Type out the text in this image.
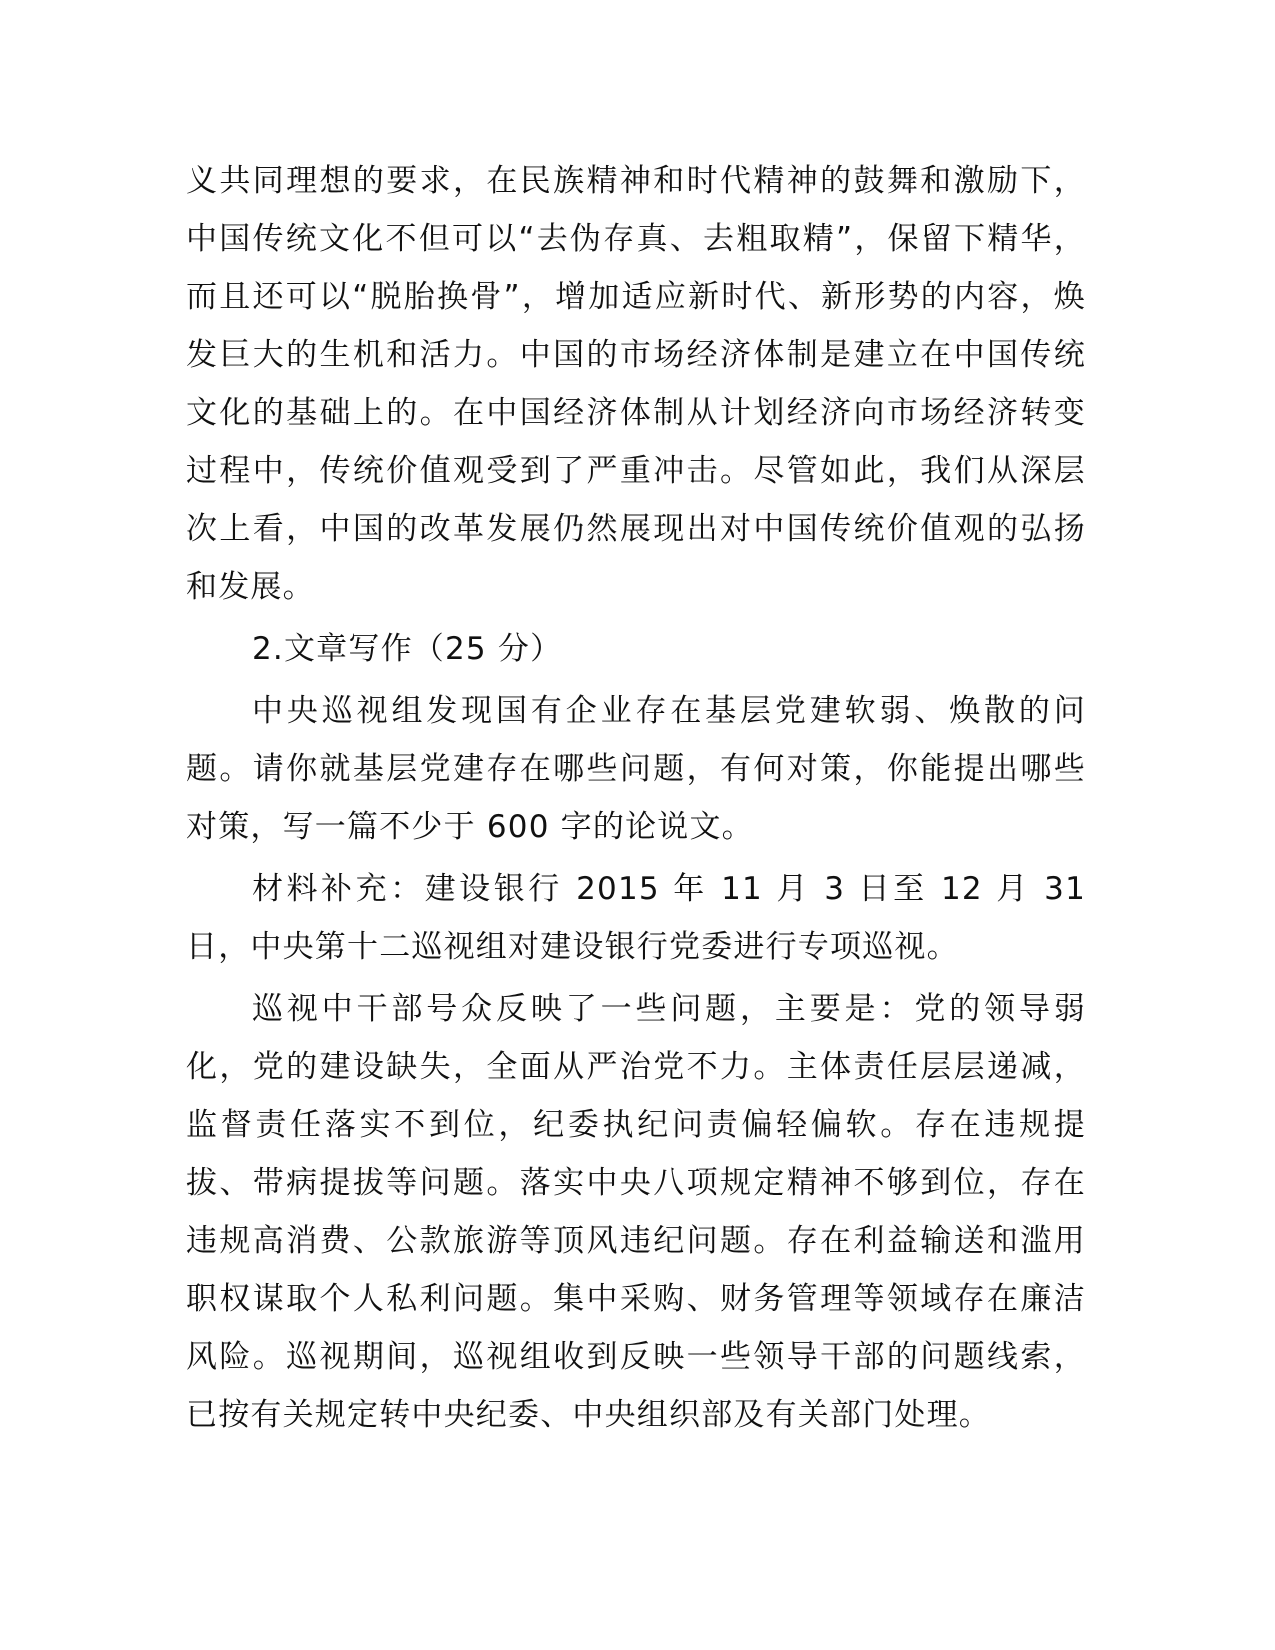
义共同理想的要求，在民族精神和时代精神的鼓舞和激励下，中国传统文化不但可以“去伪存真、去粗取精”，保留下精华，而且还可以“脱胎换骨”，增加适应新时代、新形势的内容，焕发巨大的生机和活力。中国的市场经济体制是建立在中国传统文化的基础上的。在中国经济体制从计划经济向市场经济转变过程中，传统价值观受到了严重冲击。尽管如此，我们从深层次上看，中国的改革发展仍然展现出对中国传统价值观的弘扬和发展。

2.文章写作（25 分）

中央巡视组发现国有企业存在基层党建软弱、焕散的问题。请你就基层党建存在哪些问题，有何对策，你能提出哪些对策，写一篇不少于 600 字的论说文。

材料补充：建设银行 2015 年 11 月 3 日至 12 月 31 日，中央第十二巡视组对建设银行党委进行专项巡视。

巡视中干部号众反映了一些问题，主要是：党的领导弱化，党的建设缺失，全面从严治党不力。主体责任层层递减，监督责任落实不到位，纪委执纪问责偏轻偏软。存在违规提拔、带病提拔等问题。落实中央八项规定精神不够到位，存在违规高消费、公款旅游等顶风违纪问题。存在利益输送和滥用职权谋取个人私利问题。集中采购、财务管理等领域存在廉洁风险。巡视期间，巡视组收到反映一些领导干部的问题线索，已按有关规定转中央纪委、中央组织部及有关部门处理。
